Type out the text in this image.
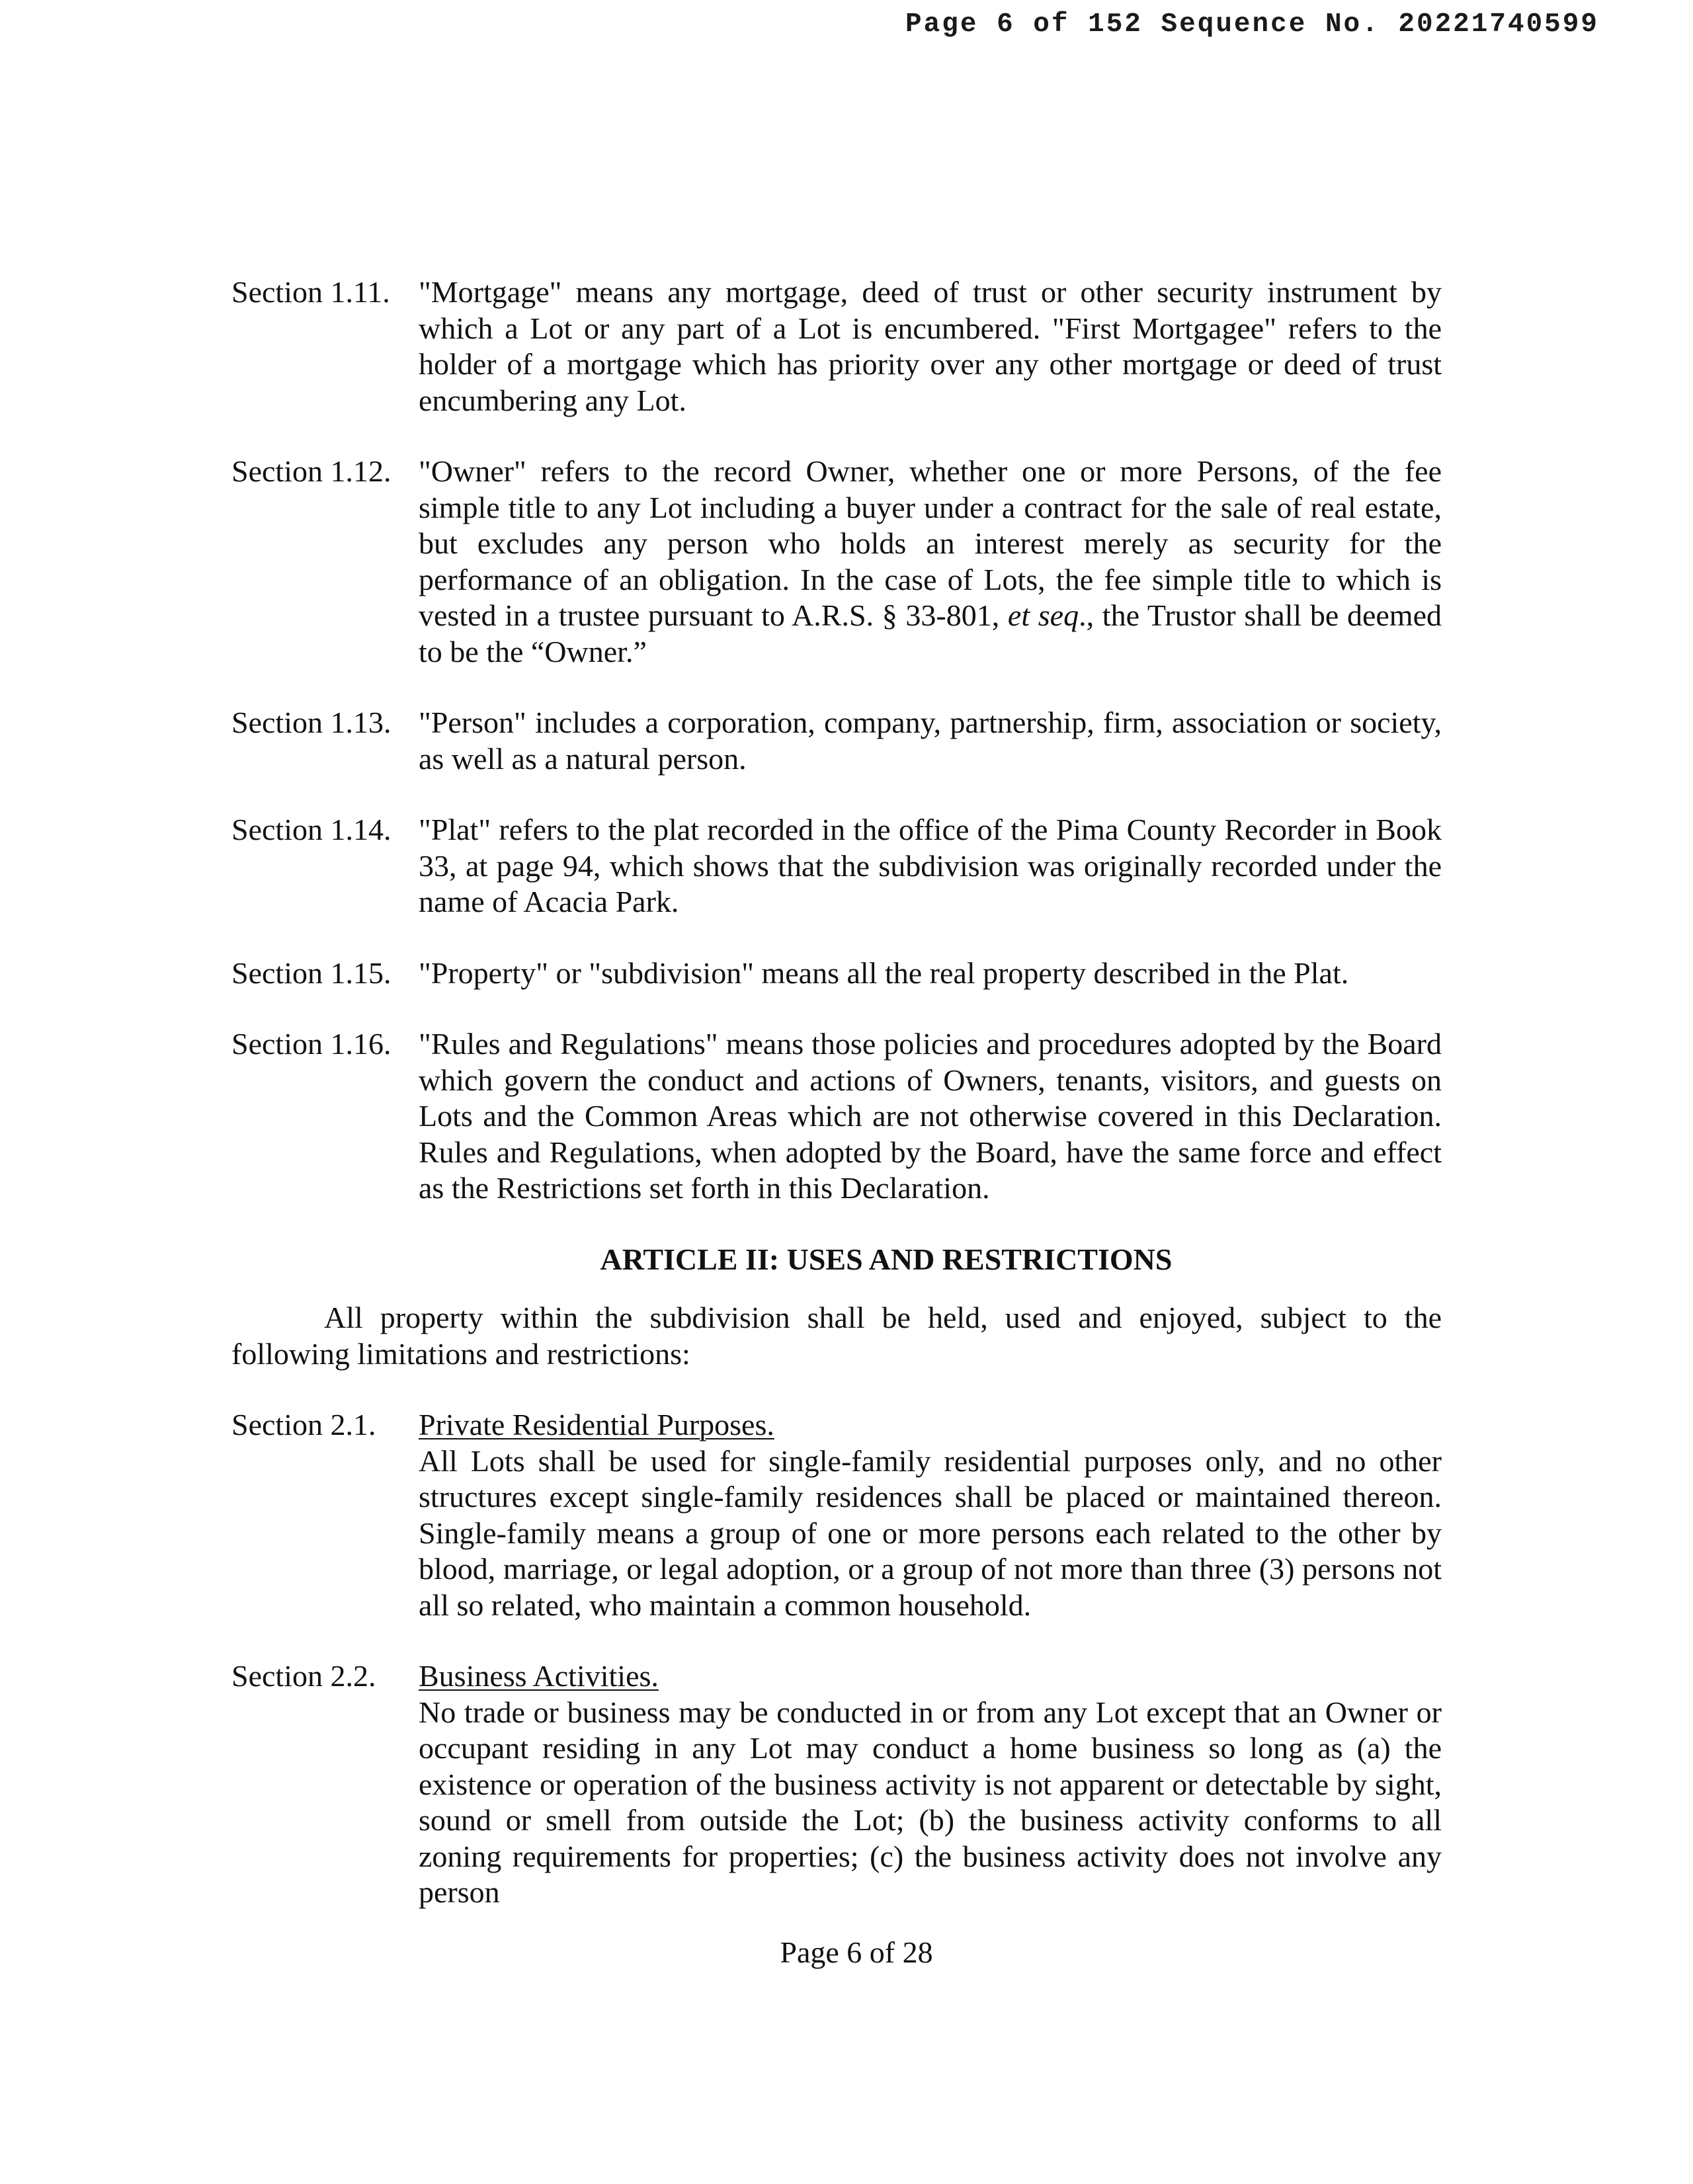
Page 6 of 152 Sequence No. 20221740599
Section 1.11. "Mortgage" means any mortgage, deed of trust or other security instrument by which a Lot or any part of a Lot is encumbered. "First Mortgagee" refers to the holder of a mortgage which has priority over any other mortgage or deed of trust encumbering any Lot.
Section 1.12. "Owner" refers to the record Owner, whether one or more Persons, of the fee simple title to any Lot including a buyer under a contract for the sale of real estate, but excludes any person who holds an interest merely as security for the performance of an obligation. In the case of Lots, the fee simple title to which is vested in a trustee pursuant to A.R.S. § 33-801, et seq., the Trustor shall be deemed to be the “Owner.”
Section 1.13. "Person" includes a corporation, company, partnership, firm, association or society, as well as a natural person.
Section 1.14. "Plat" refers to the plat recorded in the office of the Pima County Recorder in Book 33, at page 94, which shows that the subdivision was originally recorded under the name of Acacia Park.
Section 1.15. "Property" or "subdivision" means all the real property described in the Plat.
Section 1.16. "Rules and Regulations" means those policies and procedures adopted by the Board which govern the conduct and actions of Owners, tenants, visitors, and guests on Lots and the Common Areas which are not otherwise covered in this Declaration. Rules and Regulations, when adopted by the Board, have the same force and effect as the Restrictions set forth in this Declaration.
ARTICLE II: USES AND RESTRICTIONS
All property within the subdivision shall be held, used and enjoyed, subject to the following limitations and restrictions:
Section 2.1.	Private Residential Purposes.
All Lots shall be used for single-family residential purposes only, and no other structures except single-family residences shall be placed or maintained thereon. Single-family means a group of one or more persons each related to the other by blood, marriage, or legal adoption, or a group of not more than three (3) persons not all so related, who maintain a common household.
Section 2.2.	Business Activities.
No trade or business may be conducted in or from any Lot except that an Owner or occupant residing in any Lot may conduct a home business so long as (a) the existence or operation of the business activity is not apparent or detectable by sight, sound or smell from outside the Lot; (b) the business activity conforms to all zoning requirements for properties; (c) the business activity does not involve any person
Page 6 of 28
